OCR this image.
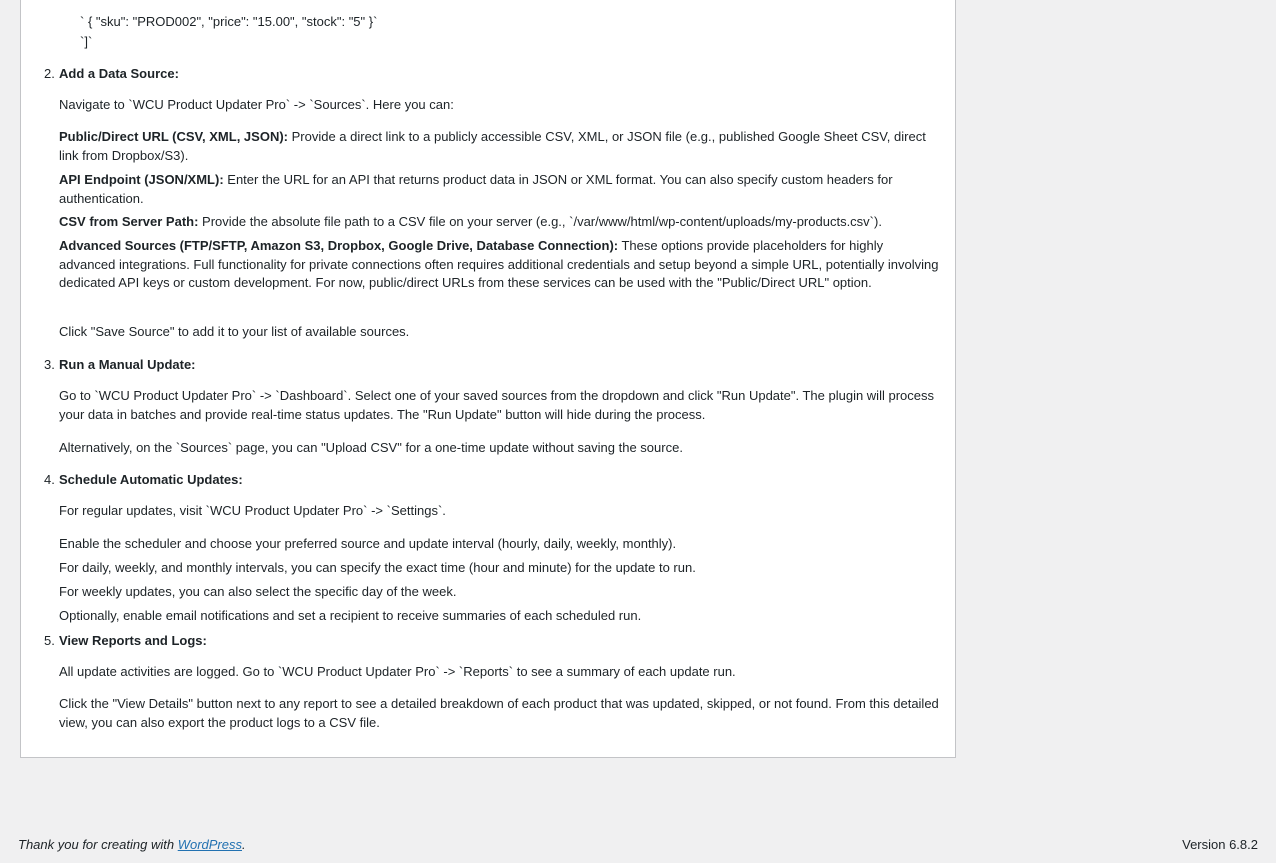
` { "sku": "PROD002", "price": "15.00", "stock": "5" }`
`]`
2. Add a Data Source:
Navigate to `WCU Product Updater Pro` -> `Sources`. Here you can:
Public/Direct URL (CSV, XML, JSON): Provide a direct link to a publicly accessible CSV, XML, or JSON file (e.g., published Google Sheet CSV, direct link from Dropbox/S3).
API Endpoint (JSON/XML): Enter the URL for an API that returns product data in JSON or XML format. You can also specify custom headers for authentication.
CSV from Server Path: Provide the absolute file path to a CSV file on your server (e.g., `/var/www/html/wp-content/uploads/my-products.csv`).
Advanced Sources (FTP/SFTP, Amazon S3, Dropbox, Google Drive, Database Connection): These options provide placeholders for highly advanced integrations. Full functionality for private connections often requires additional credentials and setup beyond a simple URL, potentially involving dedicated API keys or custom development. For now, public/direct URLs from these services can be used with the "Public/Direct URL" option.
Click "Save Source" to add it to your list of available sources.
3. Run a Manual Update:
Go to `WCU Product Updater Pro` -> `Dashboard`. Select one of your saved sources from the dropdown and click "Run Update". The plugin will process your data in batches and provide real-time status updates. The "Run Update" button will hide during the process.
Alternatively, on the `Sources` page, you can "Upload CSV" for a one-time update without saving the source.
4. Schedule Automatic Updates:
For regular updates, visit `WCU Product Updater Pro` -> `Settings`.
Enable the scheduler and choose your preferred source and update interval (hourly, daily, weekly, monthly).
For daily, weekly, and monthly intervals, you can specify the exact time (hour and minute) for the update to run.
For weekly updates, you can also select the specific day of the week.
Optionally, enable email notifications and set a recipient to receive summaries of each scheduled run.
5. View Reports and Logs:
All update activities are logged. Go to `WCU Product Updater Pro` -> `Reports` to see a summary of each update run.
Click the "View Details" button next to any report to see a detailed breakdown of each product that was updated, skipped, or not found. From this detailed view, you can also export the product logs to a CSV file.
Thank you for creating with WordPress.	Version 6.8.2
